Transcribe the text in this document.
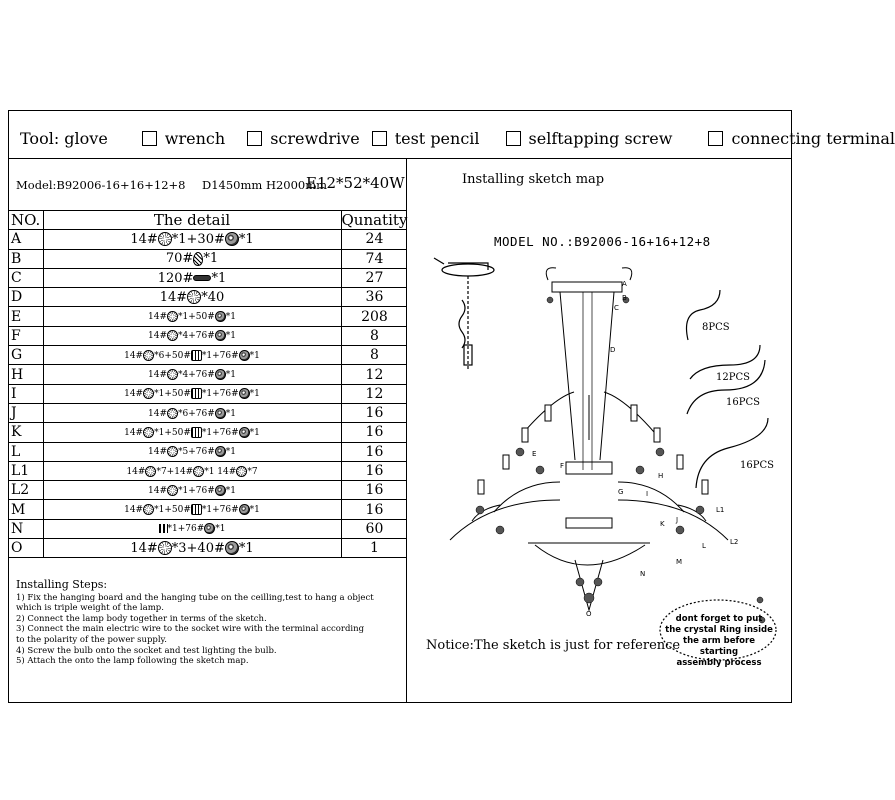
Tool: glove	wrench	screwdrive test pencil	selftapping screw	connecting terminal
Model:B92006-16+16+12+8 D1450mm H2000mm
E12*52*40W
NO.	The detail	Qunatity
A	14# *1+30# *1	24
B	70# *1	74
C	120# *1	27
D	14# *40	36
E	14# *1+50# *1	208
F	14# *4+76# *1	8
G	14# *6+50# *1+76# *1	8
H	14# *4+76# *1	12
I	14# *1+50# *1+76# *1	12
J	14# *6+76# *1	16
K	14# *1+50# *1+76# *1	16
L	14# *5+76# *1	16
L1	14# *7+14# *1 14# *7	16
L2	14# *1+76# *1	16
M	14# *1+50# *1+76# *1	16
N	*1+76# *1	60
O	14# *3+40# *1	1
Installing Steps:
1) Fix the hanging board and the hanging tube on the ceilling,test to hang a object
which is triple weight of the lamp.
2) Connect the lamp body together in terms of the sketch.
3) Connect the main electric wire to the socket wire with the terminal according
to the polarity of the power supply.
4) Screw the bulb onto the socket and test lighting the bulb.
5) Attach the onto the lamp following the sketch map.
Installing sketch map
MODEL NO.:B92006-16+16+12+8
A
B
C
D
E
F
G
H
I
J
K
L
L1
L2
M
N
O
8PCS
12PCS
16PCS
16PCS
dont forget to put
the crystal Ring inside
the arm before starting
assembly process
Notice:The sketch is just for reference
